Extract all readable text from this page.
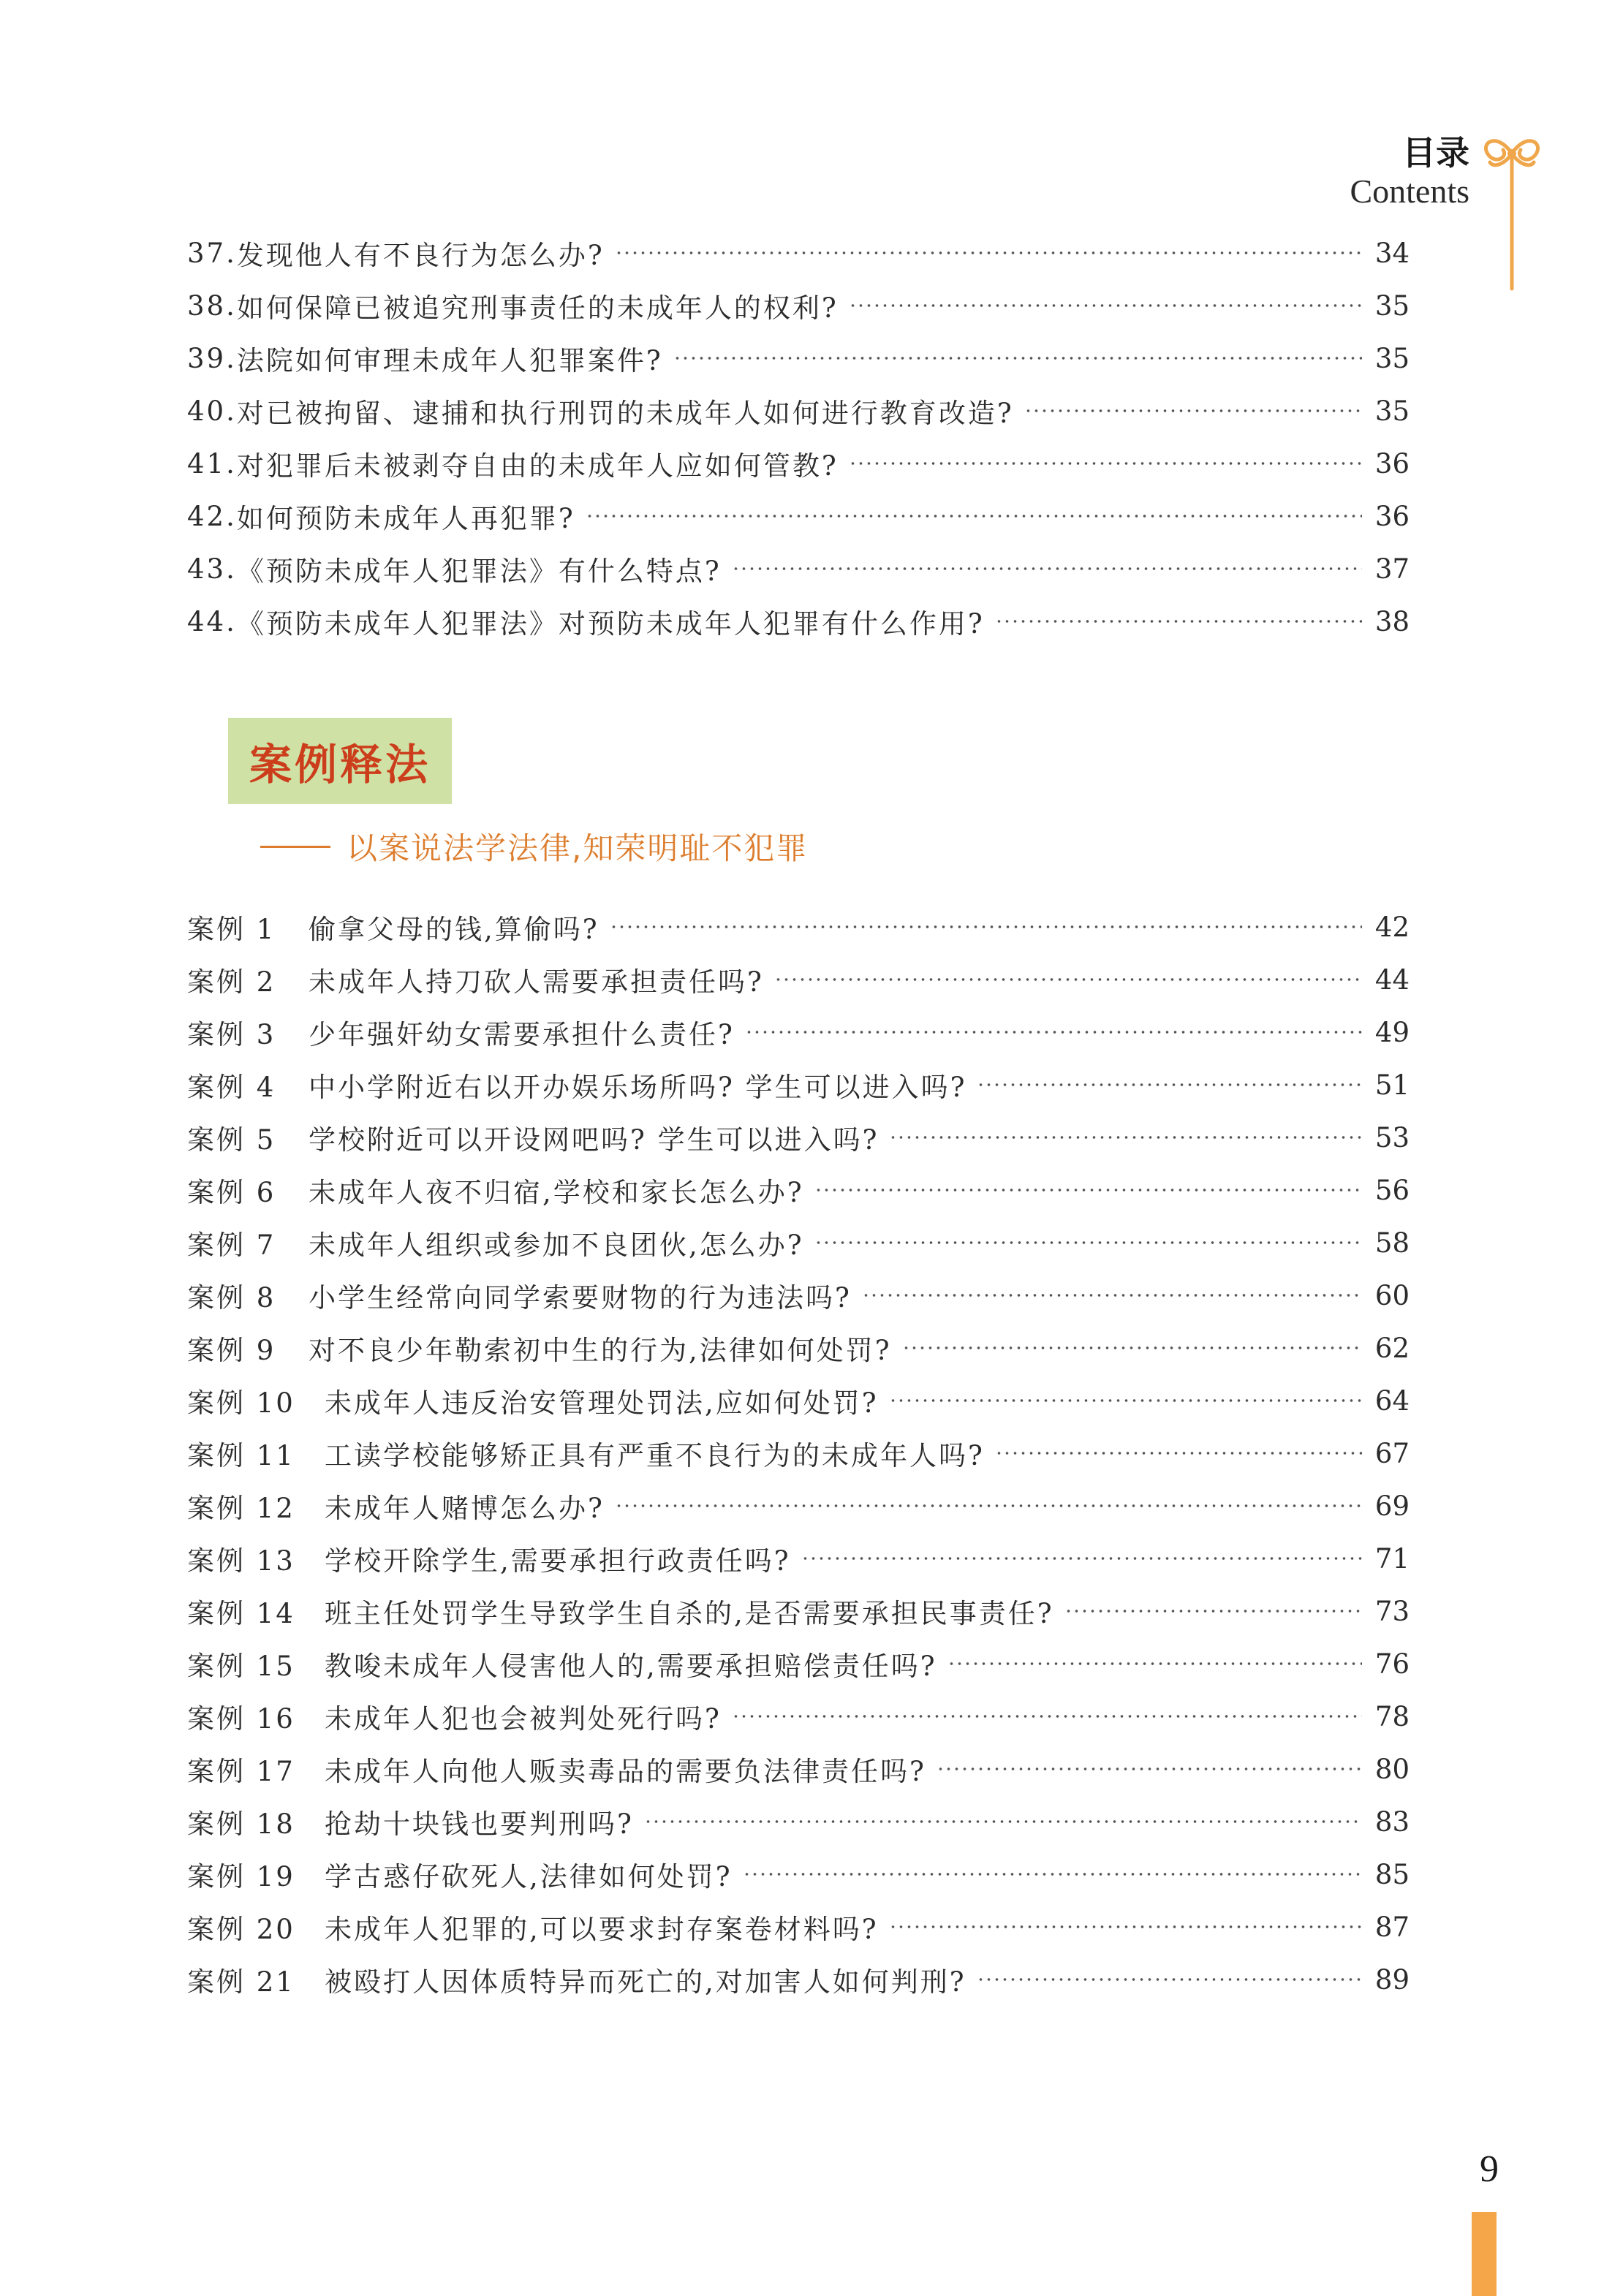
目录
Contents
37. 发现他人有不良行为怎么办?	34
38. 如何保障已被追究刑事责任的未成年人的权利?	35
39. 法院如何审理未成年人犯罪案件?	35
40. 对已被拘留、逮捕和执行刑罚的未成年人如何进行教育改造?	35
41. 对犯罪后未被剥夺自由的未成年人应如何管教?	36
42. 如何预防未成年人再犯罪?	36
43. 《预防未成年人犯罪法》有什么特点?	37
44. 《预防未成年人犯罪法》对预防未成年人犯罪有什么作用?	38
案例释法
以案说法学法律,知荣明耻不犯罪
案例 1	偷拿父母的钱,算偷吗?	42
案例 2	未成年人持刀砍人需要承担责任吗?	44
案例 3	少年强奸幼女需要承担什么责任?	49
案例 4	中小学附近右以开办娱乐场所吗? 学生可以进入吗?	51
案例 5	学校附近可以开设网吧吗? 学生可以进入吗?	53
案例 6	未成年人夜不归宿,学校和家长怎么办?	56
案例 7	未成年人组织或参加不良团伙,怎么办?	58
案例 8	小学生经常向同学索要财物的行为违法吗?	60
案例 9	对不良少年勒索初中生的行为,法律如何处罚?	62
案例 10	未成年人违反治安管理处罚法,应如何处罚?	64
案例 11	工读学校能够矫正具有严重不良行为的未成年人吗?	67
案例 12	未成年人赌博怎么办?	69
案例 13	学校开除学生,需要承担行政责任吗?	71
案例 14	班主任处罚学生导致学生自杀的,是否需要承担民事责任?	73
案例 15	教唆未成年人侵害他人的,需要承担赔偿责任吗?	76
案例 16	未成年人犯也会被判处死行吗?	78
案例 17	未成年人向他人贩卖毒品的需要负法律责任吗?	80
案例 18	抢劫十块钱也要判刑吗?	83
案例 19	学古惑仔砍死人,法律如何处罚?	85
案例 20	未成年人犯罪的,可以要求封存案卷材料吗?	87
案例 21	被殴打人因体质特异而死亡的,对加害人如何判刑?	89
9
